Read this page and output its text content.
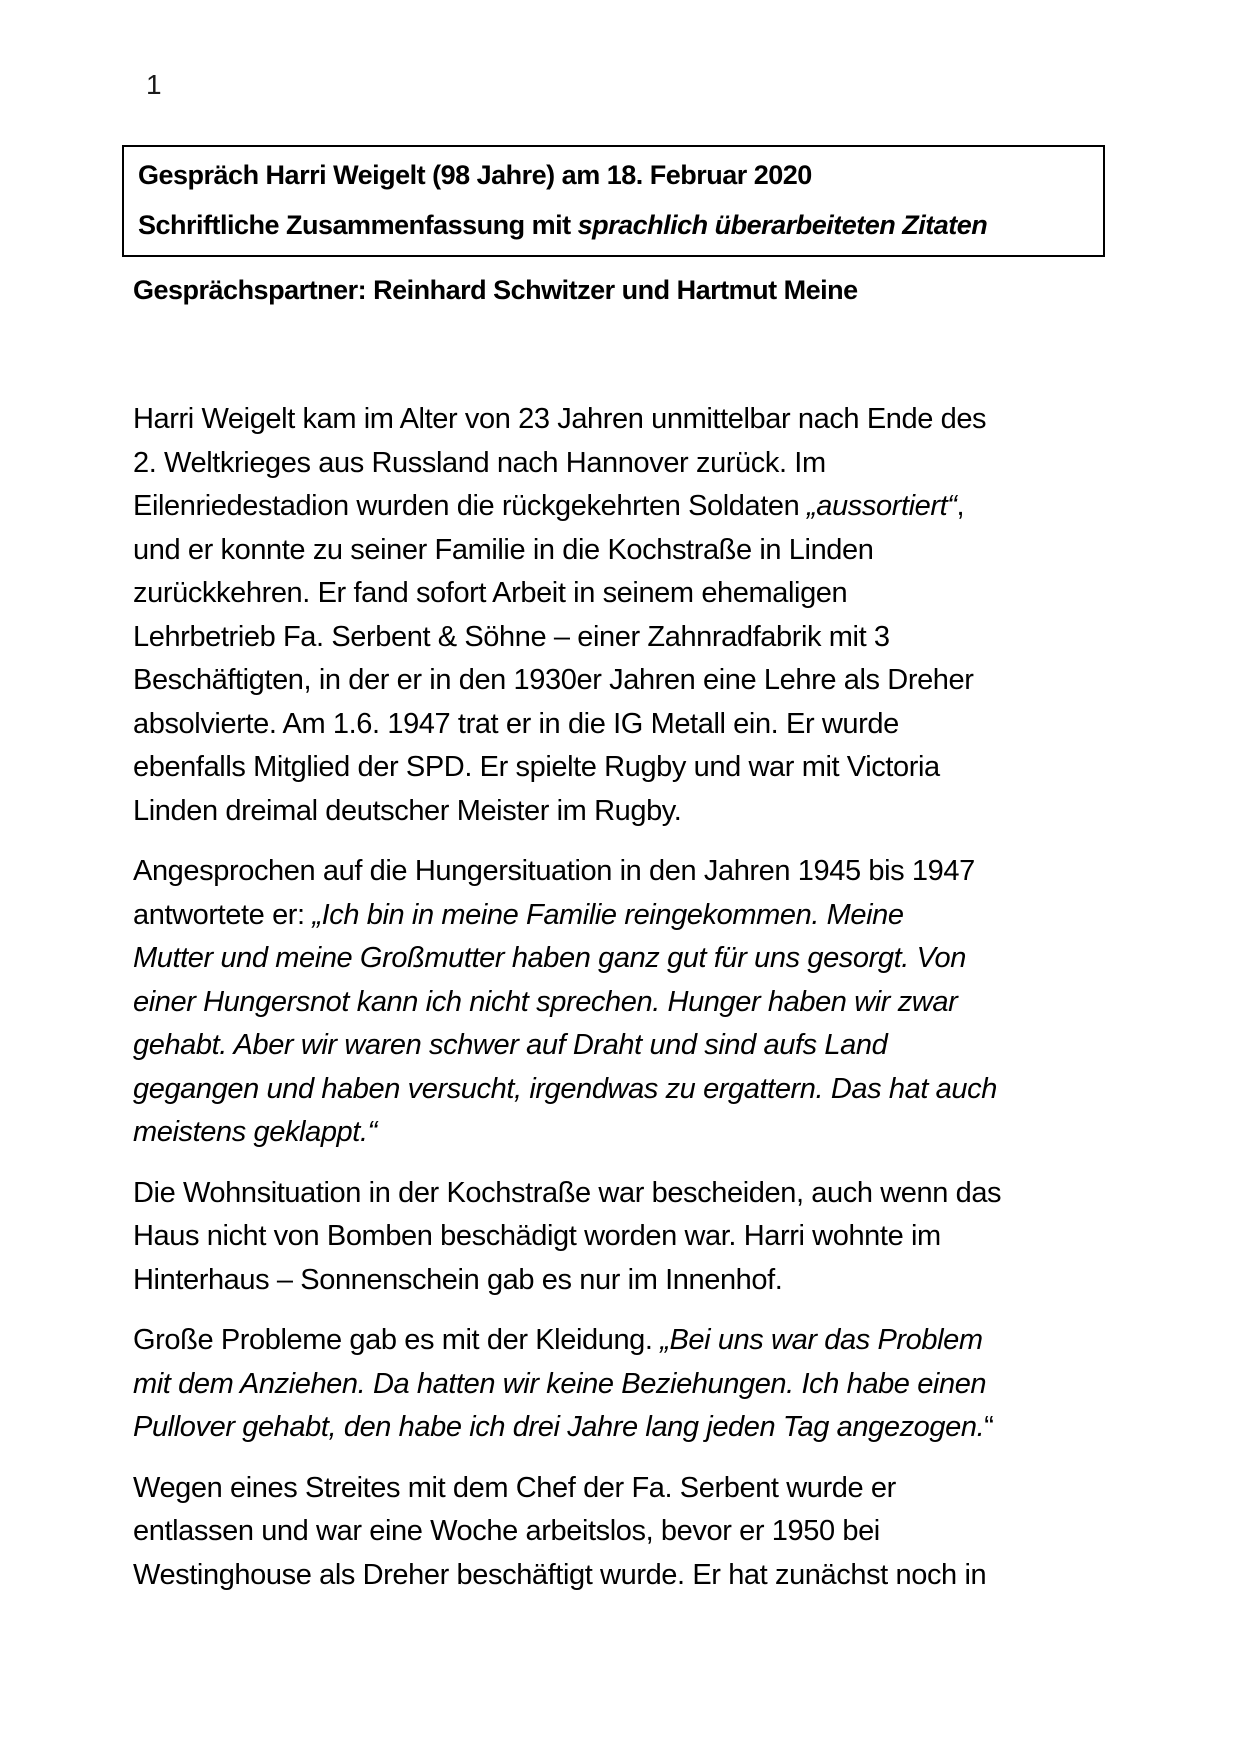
1
Gespräch Harri Weigelt (98 Jahre) am 18. Februar 2020
Schriftliche Zusammenfassung mit sprachlich überarbeiteten Zitaten
Gesprächspartner: Reinhard Schwitzer und Hartmut Meine
Harri Weigelt kam im Alter von 23 Jahren unmittelbar nach Ende des
2. Weltkrieges aus Russland nach Hannover zurück. Im
Eilenriedestadion wurden die rückgekehrten Soldaten „aussortiert“,
und er konnte zu seiner Familie in die Kochstraße in Linden
zurückkehren. Er fand sofort Arbeit in seinem ehemaligen
Lehrbetrieb Fa. Serbent & Söhne – einer Zahnradfabrik mit 3
Beschäftigten, in der er in den 1930er Jahren eine Lehre als Dreher
absolvierte. Am 1.6. 1947 trat er in die IG Metall ein. Er wurde
ebenfalls Mitglied der SPD. Er spielte Rugby und war mit Victoria
Linden dreimal deutscher Meister im Rugby.
Angesprochen auf die Hungersituation in den Jahren 1945 bis 1947
antwortete er: „Ich bin in meine Familie reingekommen. Meine
Mutter und meine Großmutter haben ganz gut für uns gesorgt. Von
einer Hungersnot kann ich nicht sprechen. Hunger haben wir zwar
gehabt. Aber wir waren schwer auf Draht und sind aufs Land
gegangen und haben versucht, irgendwas zu ergattern. Das hat auch
meistens geklappt.“
Die Wohnsituation in der Kochstraße war bescheiden, auch wenn das
Haus nicht von Bomben beschädigt worden war. Harri wohnte im
Hinterhaus – Sonnenschein gab es nur im Innenhof.
Große Probleme gab es mit der Kleidung. „Bei uns war das Problem
mit dem Anziehen. Da hatten wir keine Beziehungen. Ich habe einen
Pullover gehabt, den habe ich drei Jahre lang jeden Tag angezogen.“
Wegen eines Streites mit dem Chef der Fa. Serbent wurde er
entlassen und war eine Woche arbeitslos, bevor er 1950 bei
Westinghouse als Dreher beschäftigt wurde. Er hat zunächst noch in
